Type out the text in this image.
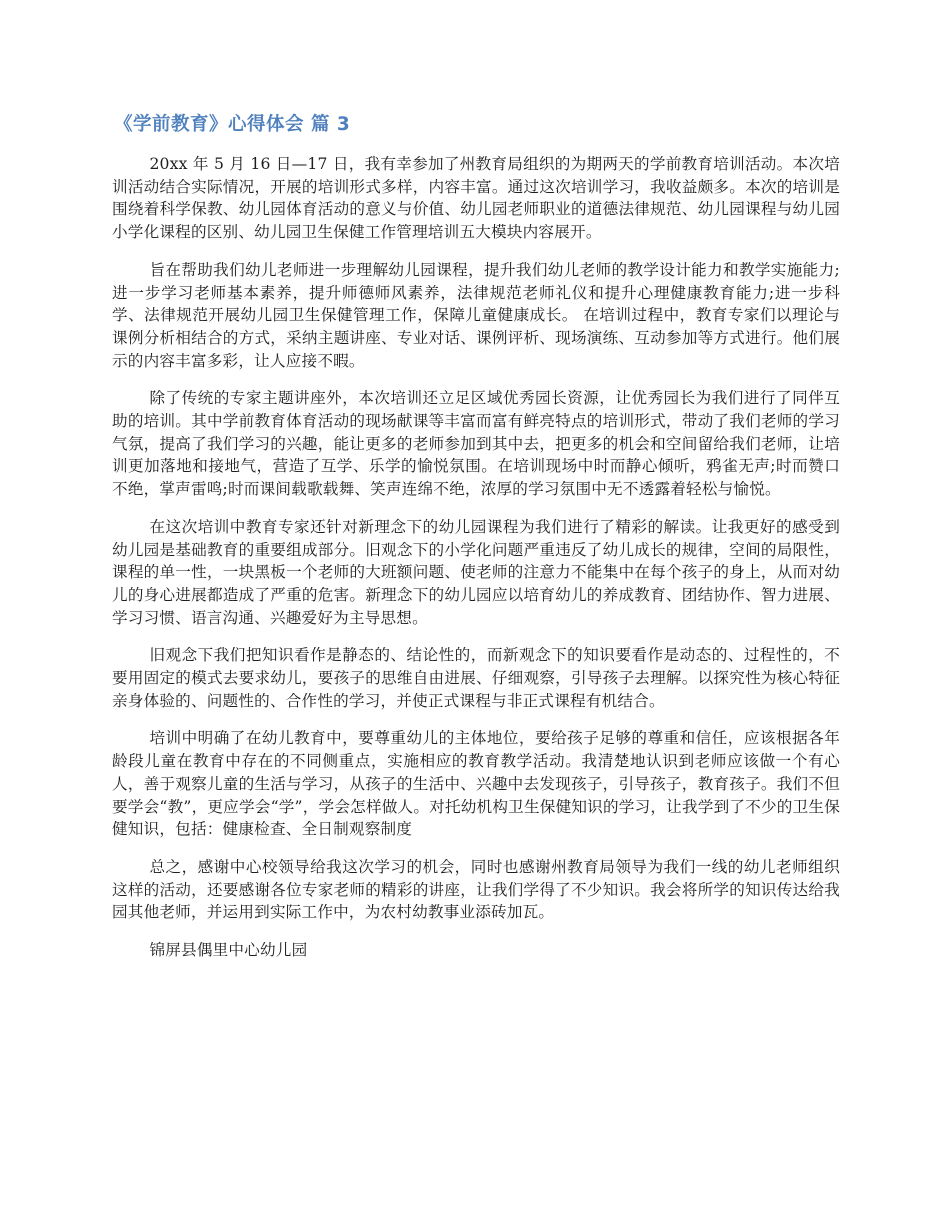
《学前教育》心得体会 篇 3

20xx 年 5 月 16 日—17 日，我有幸参加了州教育局组织的为期两天的学前教育培训活动。本次培训活动结合实际情况，开展的培训形式多样，内容丰富。通过这次培训学习，我收益颇多。本次的培训是围绕着科学保教、幼儿园体育活动的意义与价值、幼儿园老师职业的道德法律规范、幼儿园课程与幼儿园小学化课程的区别、幼儿园卫生保健工作管理培训五大模块内容展开。

旨在帮助我们幼儿老师进一步理解幼儿园课程，提升我们幼儿老师的教学设计能力和教学实施能力;进一步学习老师基本素养，提升师德师风素养，法律规范老师礼仪和提升心理健康教育能力;进一步科学、法律规范开展幼儿园卫生保健管理工作，保障儿童健康成长。 在培训过程中，教育专家们以理论与课例分析相结合的方式，采纳主题讲座、专业对话、课例评析、现场演练、互动参加等方式进行。他们展示的内容丰富多彩，让人应接不暇。

除了传统的专家主题讲座外，本次培训还立足区域优秀园长资源，让优秀园长为我们进行了同伴互助的培训。其中学前教育体育活动的现场献课等丰富而富有鲜亮特点的培训形式，带动了我们老师的学习气氛，提高了我们学习的兴趣，能让更多的老师参加到其中去，把更多的机会和空间留给我们老师，让培训更加落地和接地气，营造了互学、乐学的愉悦氛围。在培训现场中时而静心倾听，鸦雀无声;时而赞口不绝，掌声雷鸣;时而课间载歌载舞、笑声连绵不绝，浓厚的学习氛围中无不透露着轻松与愉悦。

在这次培训中教育专家还针对新理念下的幼儿园课程为我们进行了精彩的解读。让我更好的感受到幼儿园是基础教育的重要组成部分。旧观念下的小学化问题严重违反了幼儿成长的规律，空间的局限性，课程的单一性，一块黑板一个老师的大班额问题、使老师的注意力不能集中在每个孩子的身上，从而对幼儿的身心进展都造成了严重的危害。新理念下的幼儿园应以培育幼儿的养成教育、团结协作、智力进展、学习习惯、语言沟通、兴趣爱好为主导思想。

旧观念下我们把知识看作是静态的、结论性的，而新观念下的知识要看作是动态的、过程性的，不要用固定的模式去要求幼儿，要孩子的思维自由进展、仔细观察，引导孩子去理解。以探究性为核心特征亲身体验的、问题性的、合作性的学习，并使正式课程与非正式课程有机结合。

培训中明确了在幼儿教育中，要尊重幼儿的主体地位，要给孩子足够的尊重和信任，应该根据各年龄段儿童在教育中存在的不同侧重点，实施相应的教育教学活动。我清楚地认识到老师应该做一个有心人，善于观察儿童的生活与学习，从孩子的生活中、兴趣中去发现孩子，引导孩子，教育孩子。我们不但要学会“教”，更应学会“学”，学会怎样做人。对托幼机构卫生保健知识的学习，让我学到了不少的卫生保健知识，包括：健康检查、全日制观察制度

总之，感谢中心校领导给我这次学习的机会，同时也感谢州教育局领导为我们一线的幼儿老师组织这样的活动，还要感谢各位专家老师的精彩的讲座，让我们学得了不少知识。我会将所学的知识传达给我园其他老师，并运用到实际工作中，为农村幼教事业添砖加瓦。

锦屏县偶里中心幼儿园
